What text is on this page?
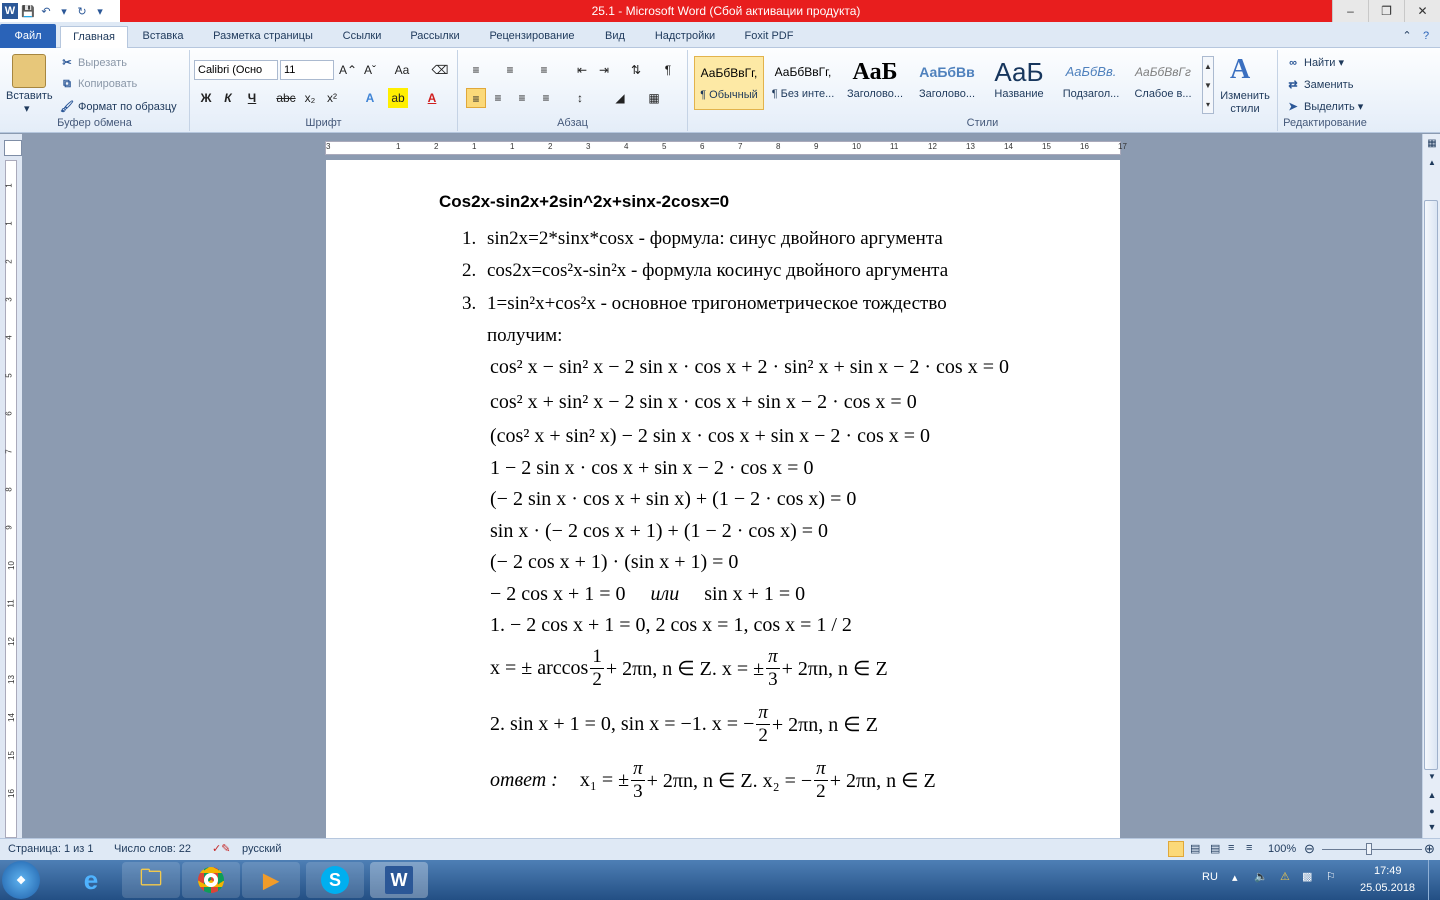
W 💾 ↶ ▾ ↻ ▾	25.1 - Microsoft Word (Сбой активации продукта)	–	❐	✕
Файл	Главная	Вставка	Разметка страницы	Ссылки	Рассылки	Рецензирование	Вид	Надстройки	Foxit PDF	⌃	?
Вставить
▾
✂ Вырезать
⧉ Копировать
🖌 Формат по образцу
Буфер обмена
Calibri (Осно	11	A⌃ Aˇ	Aa ⌫
Ж	К	Ч	abc x₂ x²	A	ab	A
Шрифт
≡	≡	≡	⇤ ⇥	⇅	¶
≡	≡	≡	≡	↕	◢	▦
Абзац
АаБбВвГг,
¶ Обычный
АаБбВвГг,
¶ Без инте...
АаБ
Заголово...
АаБбВв
Заголово...
АаБ
Название
АаБбВв.
Подзагол...
АаБбВвГг
Слабое в...
▲
▼
▾
A
Изменить стили
Стили
∞ Найти ▾
⇄ Заменить
➤ Выделить ▾
Редактирование
3	1	2	1	1	2	3	4	5	6	7	8	9	10	11	12	13	14	15	16	17
1
1
2
3
4
5
6
7
8
9
10
11
12
13
14
15
16
Cos2x-sin2x+2sin^2x+sinx-2cosx=0
1. sin2x=2*sinx*cosx - формула: синус двойного аргумента
2. cos2x=cos²x-sin²x - формула косинус двойного аргумента
3. 1=sin²x+cos²x - основное тригонометрическое тождество
получим:
cos² x − sin² x − 2 sin x · cos x + 2 · sin² x + sin x − 2 · cos x = 0
cos² x + sin² x − 2 sin x · cos x + sin x − 2 · cos x = 0
(cos² x + sin² x) − 2 sin x · cos x + sin x − 2 · cos x = 0
1 − 2 sin x · cos x + sin x − 2 · cos x = 0
(− 2 sin x · cos x + sin x) + (1 − 2 · cos x) = 0
sin x · (− 2 cos x + 1) + (1 − 2 · cos x) = 0
(− 2 cos x + 1) · (sin x + 1) = 0
− 2 cos x + 1 = 0 или sin x + 1 = 0
1. − 2 cos x + 1 = 0, 2 cos x = 1, cos x = 1 / 2
x = ± $\arccos \frac{1}{2} + 2\pi n$, n ∈ Z. x = ± $\frac{\pi}{3} + 2\pi n$, n ∈ Z
2. sin x + 1 = 0, sin x = −1. x = − $\frac{\pi}{2} + 2\pi n$, n ∈ Z
ответ : x₁ = ± $\frac{\pi}{3} + 2\pi n$, n ∈ Z. x₂ = − $\frac{\pi}{2} + 2\pi n$, n ∈ Z
▦
▲
▼
▲
●
▼
Страница: 1 из 1 Число слов: 22 ✓✎ русский	▤ ▤ ≡ ≡ 100% ⊖	⊕
❖	e	🗀	▶	S	W	RU ▴ 🔈 ⚠ ▩ ⚐	17:49
25.05.2018
